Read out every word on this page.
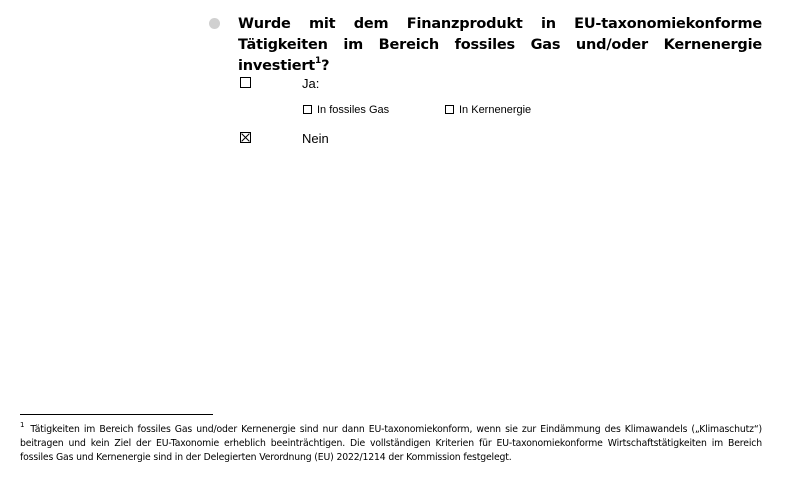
Wurde mit dem Finanzprodukt in EU-taxonomiekonforme Tätigkeiten im Bereich fossiles Gas und/oder Kernenergie investiert$^1$?
Ja:
In fossiles Gas	In Kernenergie
Nein
$^1$ Tätigkeiten im Bereich fossiles Gas und/oder Kernenergie sind nur dann EU-taxonomiekonform, wenn sie zur Eindämmung des Klimawandels („Klimaschutz“) beitragen und kein Ziel der EU-Taxonomie erheblich beeinträchtigen. Die vollständigen Kriterien für EU-taxonomiekonforme Wirtschaftstätigkeiten im Bereich fossiles Gas und Kernenergie sind in der Delegierten Verordnung (EU) 2022/1214 der Kommission festgelegt.
